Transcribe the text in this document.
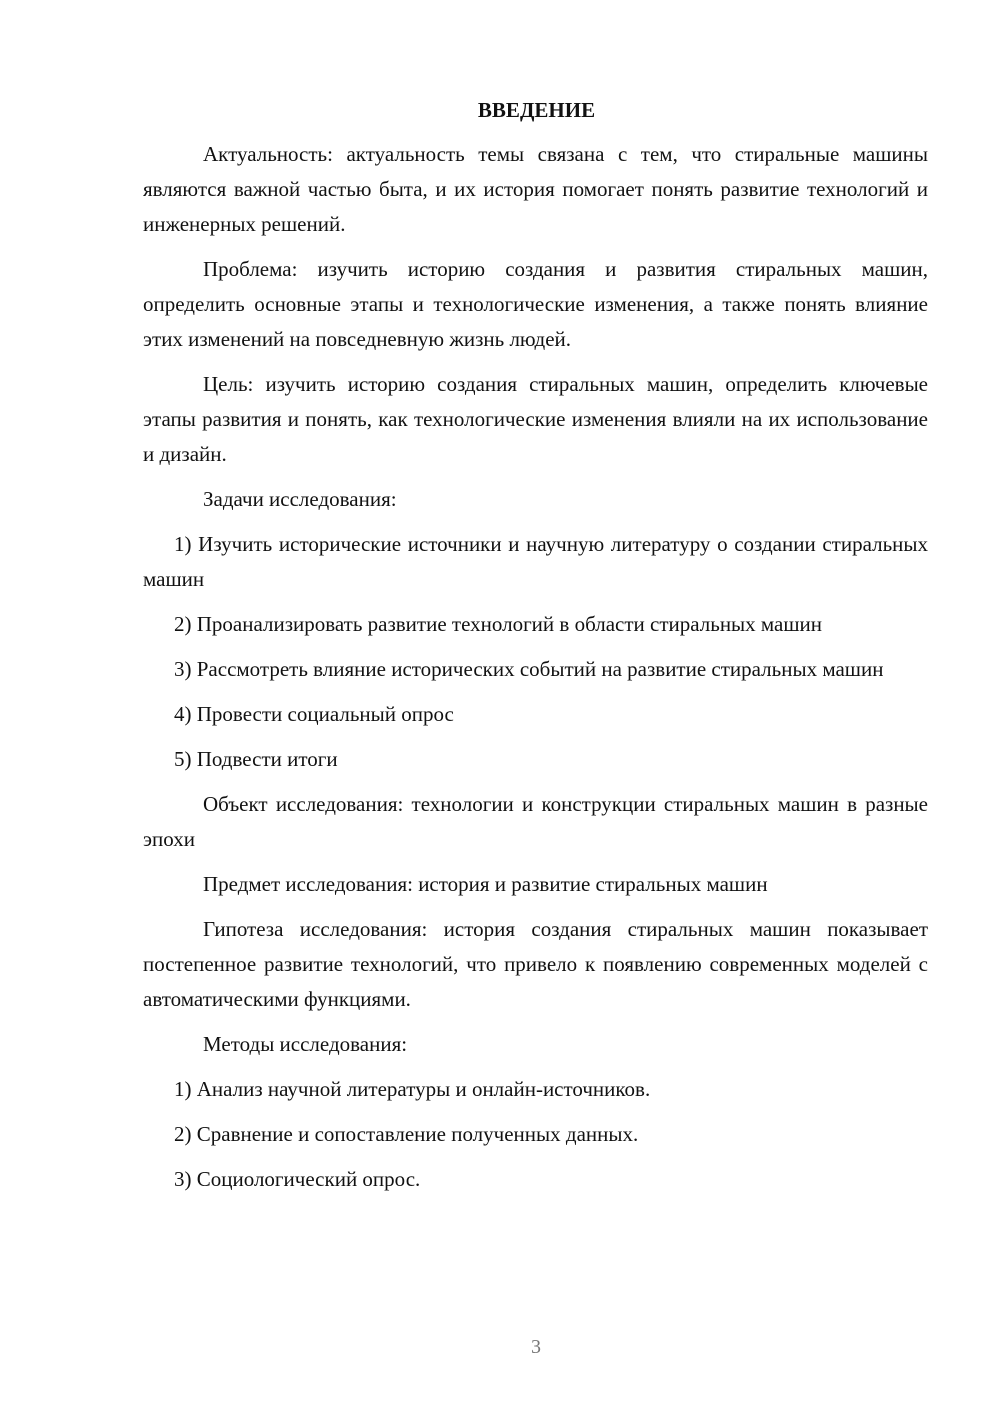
ВВЕДЕНИЕ

Актуальность: актуальность темы связана с тем, что стиральные машины являются важной частью быта, и их история помогает понять развитие технологий и инженерных решений.

Проблема: изучить историю создания и развития стиральных машин, определить основные этапы и технологические изменения, а также понять влияние этих изменений на повседневную жизнь людей.

Цель: изучить историю создания стиральных машин, определить ключевые этапы развития и понять, как технологические изменения влияли на их использование и дизайн.

Задачи исследования:

1) Изучить исторические источники и научную литературу о создании стиральных машин

2) Проанализировать развитие технологий в области стиральных машин

3) Рассмотреть влияние исторических событий на развитие стиральных машин

4) Провести социальный опрос

5) Подвести итоги

Объект исследования: технологии и конструкции стиральных машин в разные эпохи

Предмет исследования: история и развитие стиральных машин

Гипотеза исследования: история создания стиральных машин показывает постепенное развитие технологий, что привело к появлению современных моделей с автоматическими функциями.

Методы исследования:

1) Анализ научной литературы и онлайн-источников.

2) Сравнение и сопоставление полученных данных.

3) Социологический опрос.

3
